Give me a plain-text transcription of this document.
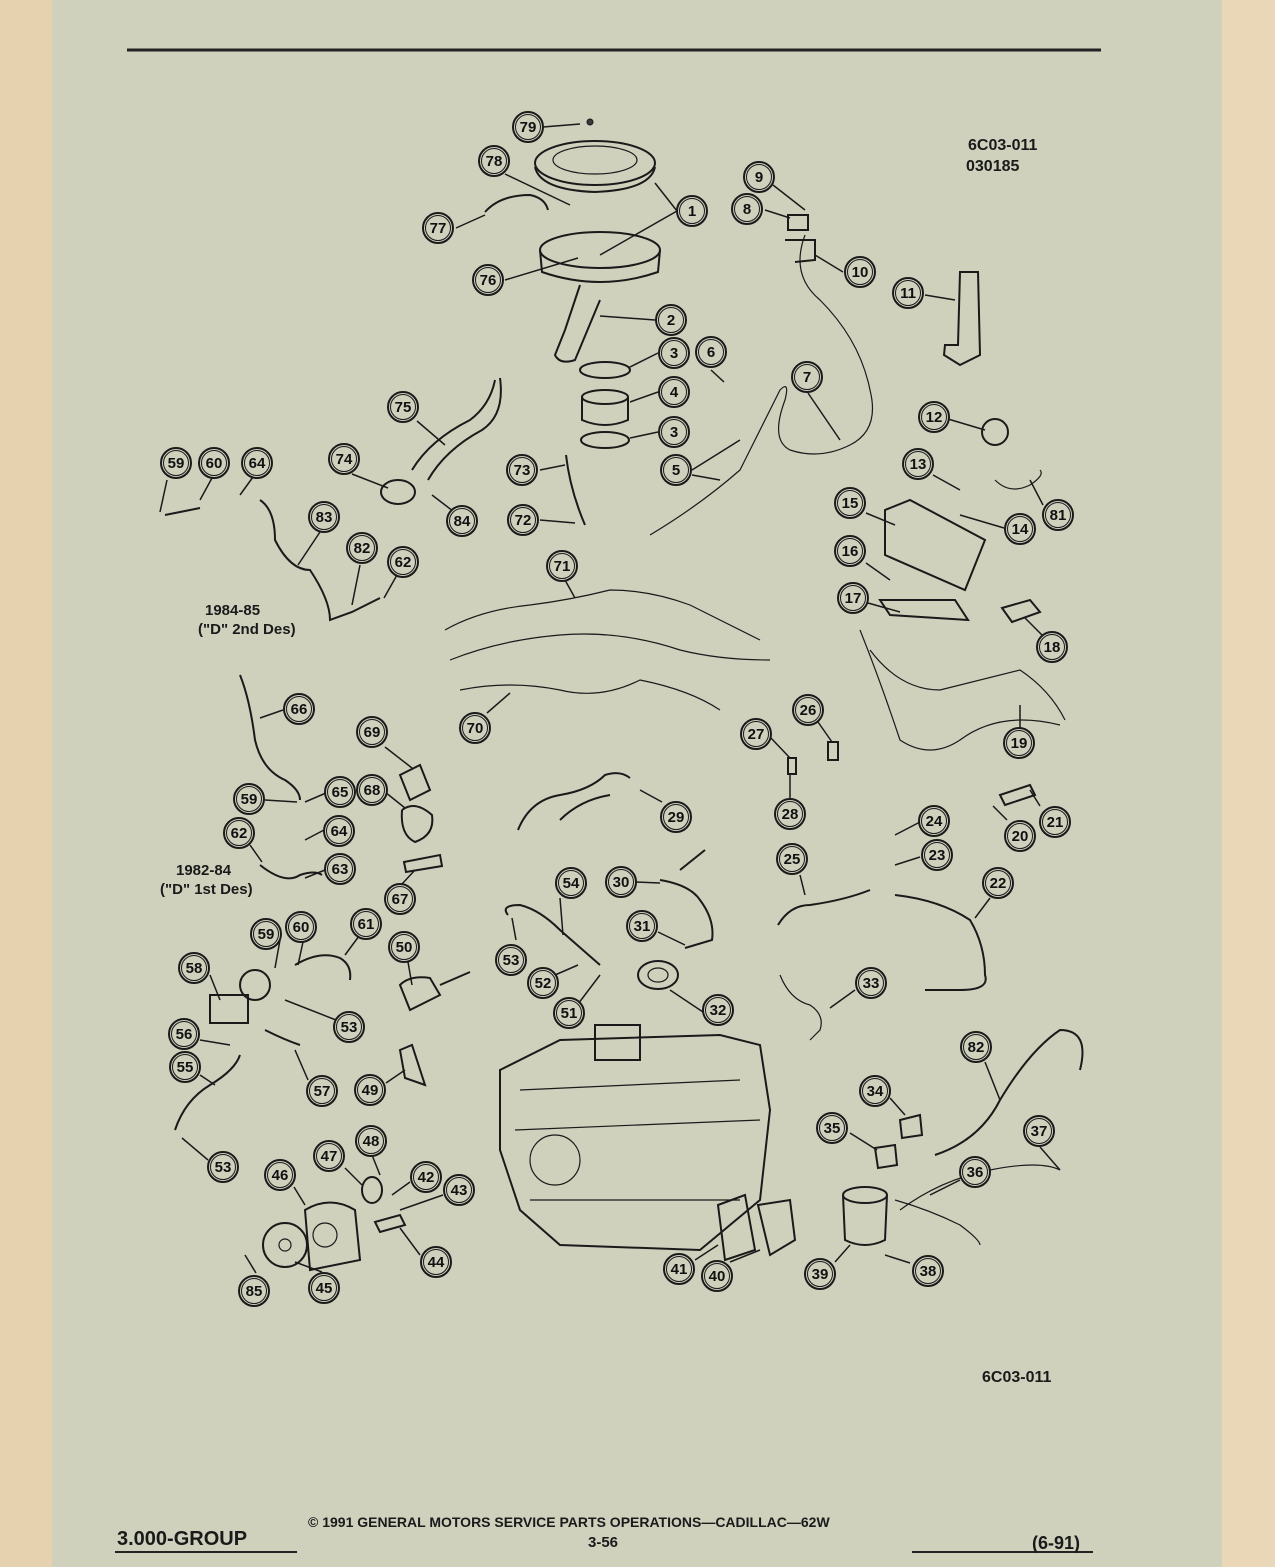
6C03-011
030185
6C03-011
1984-85
("D" 2nd Des)
1982-84
("D" 1st Des)
79
78
1
77
76
2
3
4
3
9
8
10
11
6
7
5
75
74
84
73
72
12
13
81
14
15
16
17
18
19
59 60 64
83
82
62	71
70
66
69
68
59	65
64
62
63
67
27
26
28
29	24
23
20
21
25
22
54 30
31
53
52
51	32
33
59 60	61
58
50
53
56
55
57 49
53
82
34
35	37
36
48
47
46	42
43
44
85	45
41 40	39	38
3.000-GROUP
© 1991 GENERAL MOTORS SERVICE PARTS OPERATIONS—CADILLAC—62W
3-56	(6-91)
